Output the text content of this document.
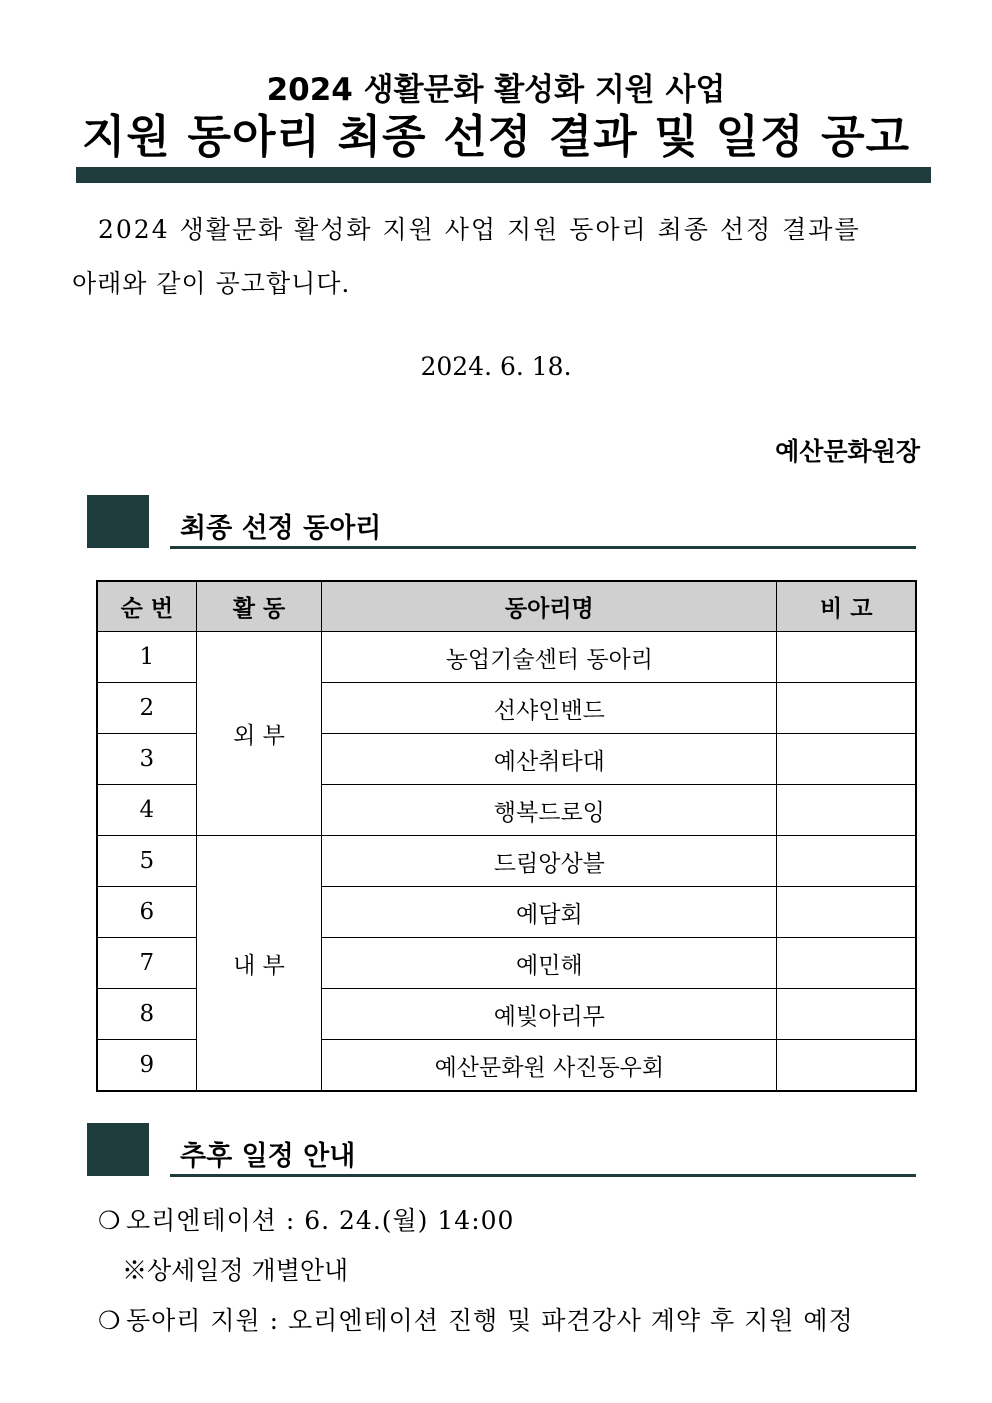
2024 생활문화 활성화 지원 사업
지원 동아리 최종 선정 결과 및 일정 공고
2024 생활문화 활성화 지원 사업 지원 동아리 최종 선정 결과를
아래와 같이 공고합니다.
2024. 6. 18.
예산문화원장
최종 선정 동아리
순 번	활 동	동아리명	비 고
1	외 부	농업기술센터 동아리	
2		선샤인밴드	
3		예산취타대	
4		행복드로잉	
5	내 부	드림앙상블	
6		예담회	
7		예민해	
8		예빛아리무	
9		예산문화원 사진동우회	
추후 일정 안내
❍ 오리엔테이션 : 6. 24.(월) 14:00
※상세일정 개별안내
❍ 동아리 지원 : 오리엔테이션 진행 및 파견강사 계약 후 지원 예정
